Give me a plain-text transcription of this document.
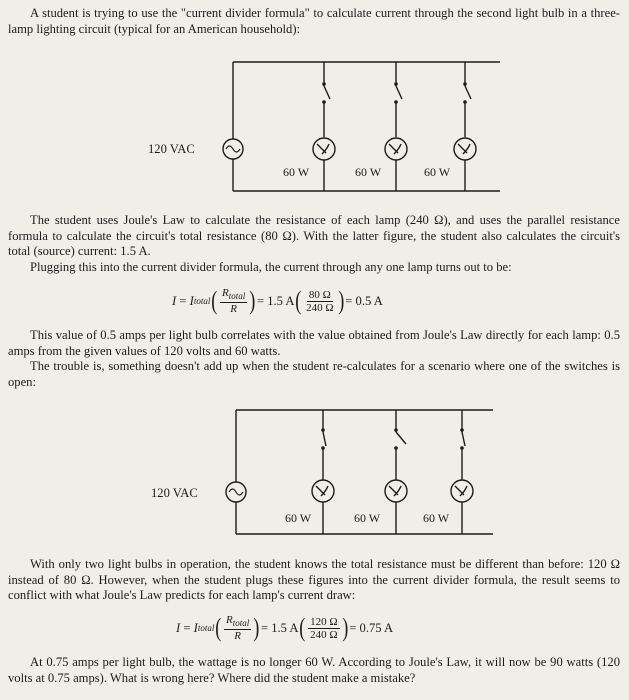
A student is trying to use the "current divider formula" to calculate current through the second light bulb in a three-lamp lighting circuit (typical for an American household):

120 VAC
60 W	60 W	60 W

The student uses Joule's Law to calculate the resistance of each lamp (240 Ω), and uses the parallel resistance formula to calculate the circuit's total resistance (80 Ω). With the latter figure, the student also calculates the circuit's total (source) current: 1.5 A.

Plugging this into the current divider formula, the current through any one lamp turns out to be:

I
=
I total ( $\frac{R_{total}}{R}$ ) = 1.5 A ( $\frac{80 \Omega}{240 \Omega}$ ) = 0.5 A

This value of 0.5 amps per light bulb correlates with the value obtained from Joule's Law directly for each lamp: 0.5 amps from the given values of 120 volts and 60 watts.

The trouble is, something doesn't add up when the student re-calculates for a scenario where one of the switches is open:

120 VAC
60 W	60 W	60 W

With only two light bulbs in operation, the student knows the total resistance must be different than before: 120 Ω instead of 80 Ω. However, when the student plugs these figures into the current divider formula, the result seems to conflict with what Joule's Law predicts for each lamp's current draw:

I
=
I total ( $\frac{R_{total}}{R}$ ) = 1.5 A ( $\frac{120 \Omega}{240 \Omega}$ ) = 0.75 A

At 0.75 amps per light bulb, the wattage is no longer 60 W. According to Joule's Law, it will now be 90 watts (120 volts at 0.75 amps). What is wrong here? Where did the student make a mistake?
